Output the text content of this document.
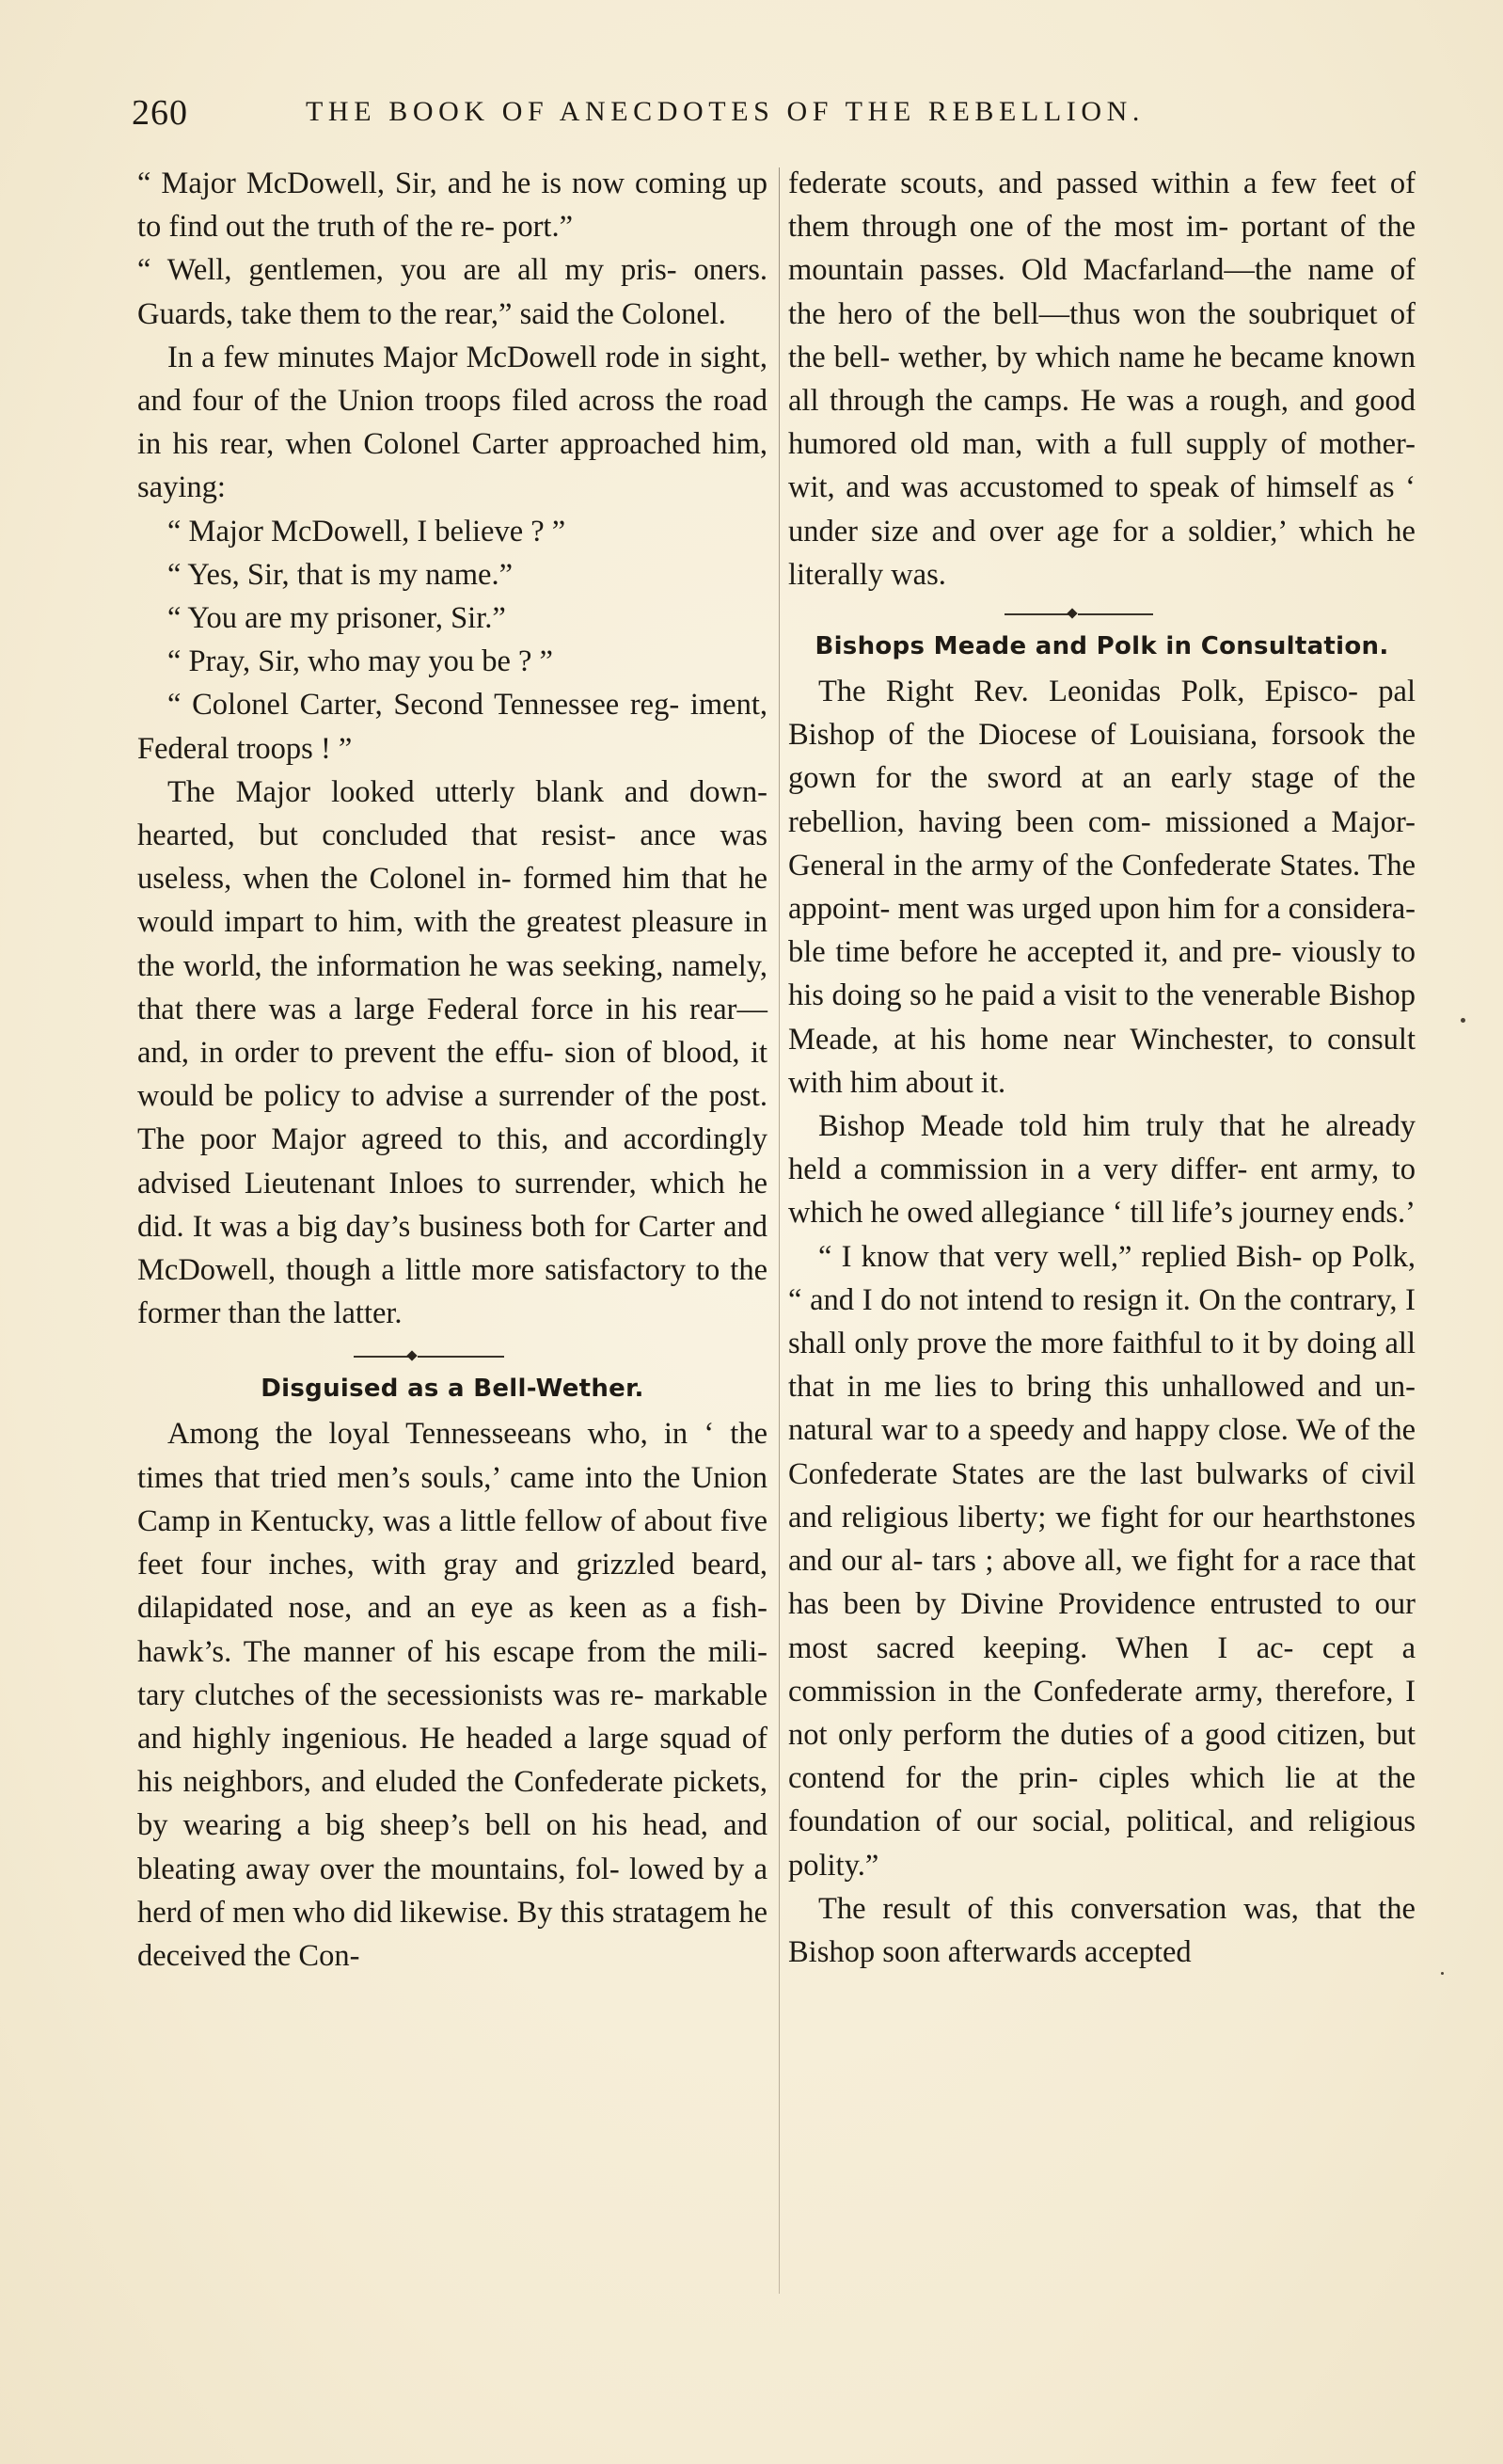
260	THE BOOK OF ANECDOTES OF THE REBELLION.

“ Major McDowell, Sir, and he is now coming up to find out the truth of the re- port.”

“ Well, gentlemen, you are all my pris- oners. Guards, take them to the rear,” said the Colonel.

In a few minutes Major McDowell rode in sight, and four of the Union troops filed across the road in his rear, when Colonel Carter approached him, saying:

“ Major McDowell, I believe ? ”

“ Yes, Sir, that is my name.”

“ You are my prisoner, Sir.”

“ Pray, Sir, who may you be ? ”

“ Colonel Carter, Second Tennessee reg- iment, Federal troops ! ”

The Major looked utterly blank and down-hearted, but concluded that resist- ance was useless, when the Colonel in- formed him that he would impart to him, with the greatest pleasure in the world, the information he was seeking, namely, that there was a large Federal force in his rear—and, in order to prevent the effu- sion of blood, it would be policy to advise a surrender of the post. The poor Major agreed to this, and accordingly advised Lieutenant Inloes to surrender, which he did. It was a big day’s business both for Carter and McDowell, though a little more satisfactory to the former than the latter.

Disguised as a Bell-Wether.

Among the loyal Tennesseeans who, in ‘ the times that tried men’s souls,’ came into the Union Camp in Kentucky, was a little fellow of about five feet four inches, with gray and grizzled beard, dilapidated nose, and an eye as keen as a fish-hawk’s. The manner of his escape from the mili- tary clutches of the secessionists was re- markable and highly ingenious. He headed a large squad of his neighbors, and eluded the Confederate pickets, by wearing a big sheep’s bell on his head, and bleating away over the mountains, fol- lowed by a herd of men who did likewise. By this stratagem he deceived the Con-

federate scouts, and passed within a few feet of them through one of the most im- portant of the mountain passes. Old Macfarland—the name of the hero of the bell—thus won the soubriquet of the bell- wether, by which name he became known all through the camps. He was a rough, and good humored old man, with a full supply of mother-wit, and was accustomed to speak of himself as ‘ under size and over age for a soldier,’ which he literally was.

Bishops Meade and Polk in Consultation.

The Right Rev. Leonidas Polk, Episco- pal Bishop of the Diocese of Louisiana, forsook the gown for the sword at an early stage of the rebellion, having been com- missioned a Major-General in the army of the Confederate States. The appoint- ment was urged upon him for a considera- ble time before he accepted it, and pre- viously to his doing so he paid a visit to the venerable Bishop Meade, at his home near Winchester, to consult with him about it.

Bishop Meade told him truly that he already held a commission in a very differ- ent army, to which he owed allegiance ‘ till life’s journey ends.’

“ I know that very well,” replied Bish- op Polk, “ and I do not intend to resign it. On the contrary, I shall only prove the more faithful to it by doing all that in me lies to bring this unhallowed and un- natural war to a speedy and happy close. We of the Confederate States are the last bulwarks of civil and religious liberty; we fight for our hearthstones and our al- tars ; above all, we fight for a race that has been by Divine Providence entrusted to our most sacred keeping. When I ac- cept a commission in the Confederate army, therefore, I not only perform the duties of a good citizen, but contend for the prin- ciples which lie at the foundation of our social, political, and religious polity.”

The result of this conversation was, that the Bishop soon afterwards accepted
